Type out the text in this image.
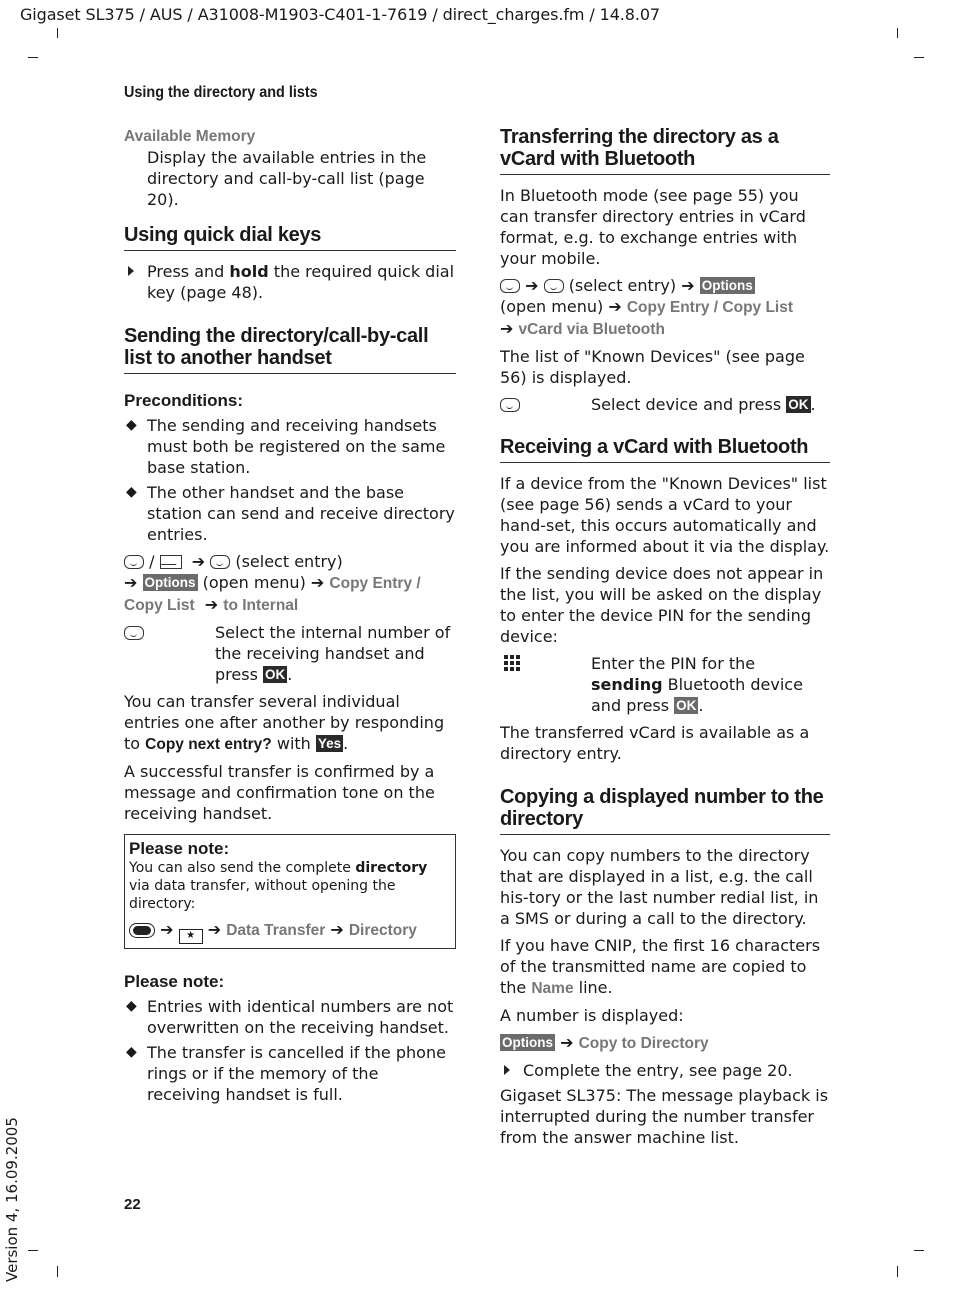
Gigaset SL375 / AUS / A31008-M1903-C401-1-7619 / direct_charges.fm / 14.8.07
Using the directory and lists
22
Version 4, 16.09.2005
Available Memory

Display the available entries in the directory and call-by-call list (page 20).

Using quick dial keys

Press and hold the required quick dial key (page 48).

Sending the directory/call-by-call list to another handset
Preconditions:

◆ The sending and receiving handsets must both be registered on the same base station.

◆ The other handset and the base station can send and receive directory entries.

/ ➔ (select entry)
➔ Options (open menu) ➔ Copy Entry /
Copy List ➔ to Internal

Select the internal number of the receiving handset and press OK .

You can transfer several individual entries one after another by responding to Copy next entry? with Yes .

A successful transfer is confirmed by a message and confirmation tone on the receiving handset.

Please note:
You can also send the complete directory via data transfer, without opening the directory:
➔ ★ ➔ Data Transfer ➔ Directory
Please note:

◆ Entries with identical numbers are not overwritten on the receiving handset.

◆ The transfer is cancelled if the phone rings or if the memory of the receiving handset is full.

Transferring the directory as a vCard with Bluetooth

In Bluetooth mode (see page 55) you can transfer directory entries in vCard format, e.g. to exchange entries with your mobile.

➔ (select entry) ➔ Options
(open menu) ➔ Copy Entry / Copy List
➔ vCard via Bluetooth

The list of "Known Devices" (see page 56) is displayed.

Select device and press OK .
Receiving a vCard with Bluetooth

If a device from the "Known Devices" list (see page 56) sends a vCard to your hand-set, this occurs automatically and you are informed about it via the display.

If the sending device does not appear in the list, you will be asked on the display to enter the device PIN for the sending device:

Enter the PIN for the sending Bluetooth device and press OK .

The transferred vCard is available as a directory entry.

Copying a displayed number to the directory

You can copy numbers to the directory that are displayed in a list, e.g. the call his-tory or the last number redial list, in a SMS or during a call to the directory.

If you have CNIP, the first 16 characters of the transmitted name are copied to the Name line.

A number is displayed:

Options ➔ Copy to Directory

Complete the entry, see page 20.

Gigaset SL375: The message playback is interrupted during the number transfer from the answer machine list.
